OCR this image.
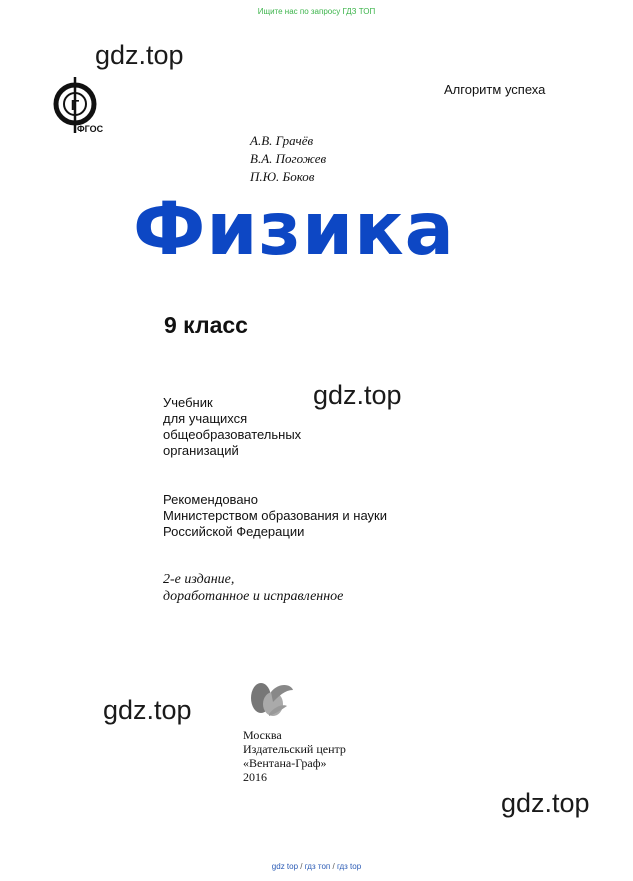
Ищите нас по запросу ГДЗ ТОП
gdz.top
gdz.top
gdz.top
gdz.top
Алгоритм успеха
Г
ФГОС
А.В. Грачёв
В.А. Погожев
П.Ю. Боков
Физика
9 класс
Учебник
для учащихся
общеобразовательных
организаций
Рекомендовано
Министерством образования и науки
Российской Федерации
2-е издание,
доработанное и исправленное
Москва
Издательский центр
«Вентана-Граф»
2016
gdz top / гдз топ / гдз top
